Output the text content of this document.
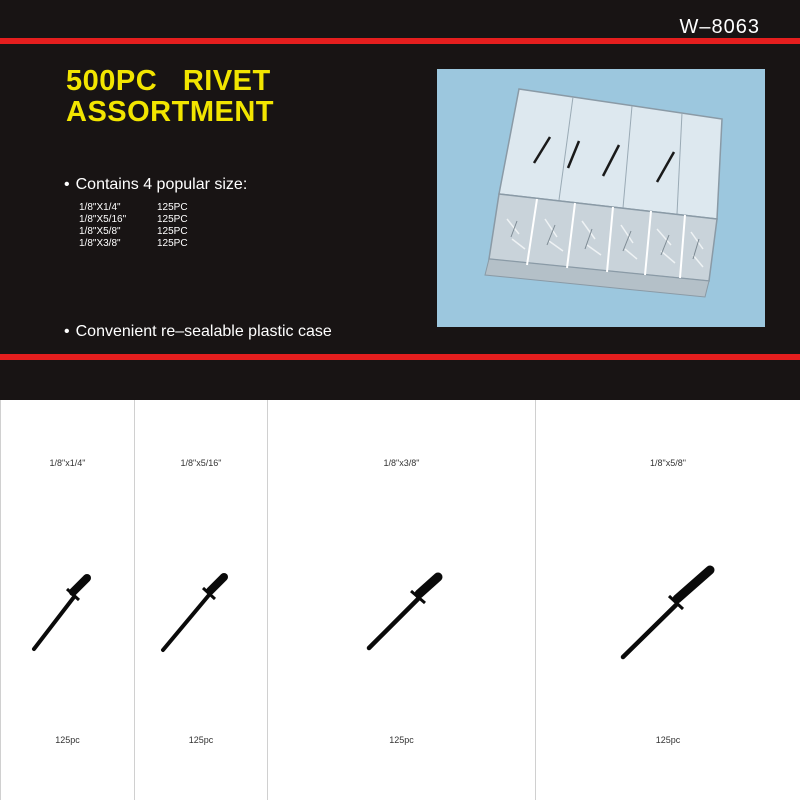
W–8063
500PC   RIVET
ASSORTMENT
• Contains 4 popular size:
1/8"X1/4"	125PC
1/8"X5/16"	125PC
1/8"X5/8"	125PC
1/8"X3/8"	125PC
• Convenient re–sealable plastic case
1/8"x1/4"
125pc
1/8"x5/16"
125pc
1/8"x3/8"
125pc
1/8"x5/8"
125pc
